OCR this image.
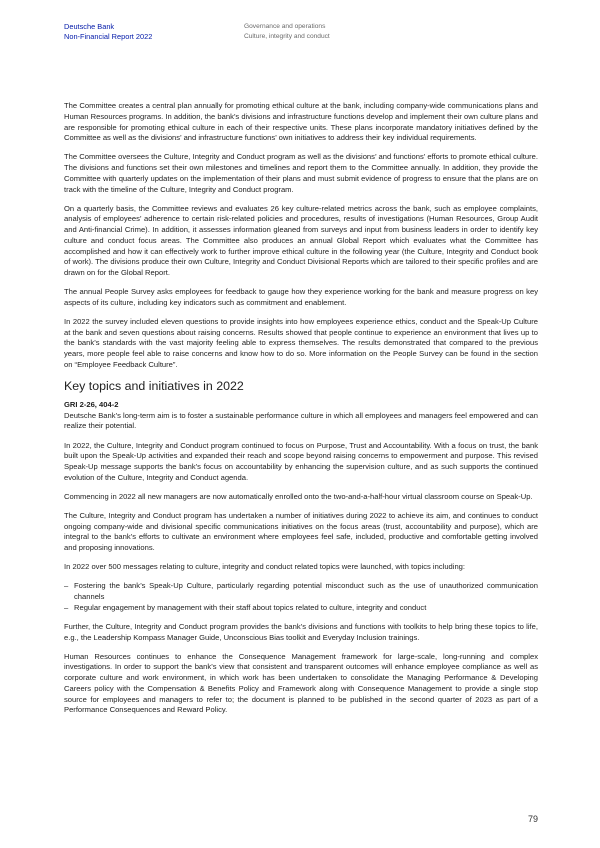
Deutsche Bank
Non-Financial Report 2022
Governance and operations
Culture, integrity and conduct

The Committee creates a central plan annually for promoting ethical culture at the bank, including company-wide communications plans and Human Resources programs. In addition, the bank’s divisions and infrastructure functions develop and implement their own culture plans and are responsible for promoting ethical culture in each of their respective units. These plans incorporate mandatory initiatives defined by the Committee as well as the divisions’ and infrastructure functions’ own initiatives to address their key individual requirements.

The Committee oversees the Culture, Integrity and Conduct program as well as the divisions’ and functions’ efforts to promote ethical culture. The divisions and functions set their own milestones and timelines and report them to the Committee annually. In addition, they provide the Committee with quarterly updates on the implementation of their plans and must submit evidence of progress to ensure that the plans are on track with the timeline of the Culture, Integrity and Conduct program.

On a quarterly basis, the Committee reviews and evaluates 26 key culture-related metrics across the bank, such as employee complaints, analysis of employees’ adherence to certain risk-related policies and procedures, results of investigations (Human Resources, Group Audit and Anti-financial Crime). In addition, it assesses information gleaned from surveys and input from business leaders in order to identify key culture and conduct focus areas. The Committee also produces an annual Global Report which evaluates what the Committee has accomplished and how it can effectively work to further improve ethical culture in the following year (the Culture, Integrity and Conduct book of work). The divisions produce their own Culture, Integrity and Conduct Divisional Reports which are tailored to their specific profiles and are drawn on for the Global Report.

The annual People Survey asks employees for feedback to gauge how they experience working for the bank and measure progress on key aspects of its culture, including key indicators such as commitment and enablement.

In 2022 the survey included eleven questions to provide insights into how employees experience ethics, conduct and the Speak-Up Culture at the bank and seven questions about raising concerns. Results showed that people continue to experience an environment that lives up to the bank’s standards with the vast majority feeling able to express themselves. The results demonstrated that compared to the previous years, more people feel able to raise concerns and know how to do so. More information on the People Survey can be found in the section on “Employee Feedback Culture”.

Key topics and initiatives in 2022
GRI 2-26, 404-2

Deutsche Bank’s long-term aim is to foster a sustainable performance culture in which all employees and managers feel empowered and can realize their potential.

In 2022, the Culture, Integrity and Conduct program continued to focus on Purpose, Trust and Accountability. With a focus on trust, the bank built upon the Speak-Up activities and expanded their reach and scope beyond raising concerns to empowerment and purpose. This revised Speak-Up message supports the bank’s focus on accountability by enhancing the supervision culture, and as such supports the continued evolution of the Culture, Integrity and Conduct agenda.

Commencing in 2022 all new managers are now automatically enrolled onto the two-and-a-half-hour virtual classroom course on Speak-Up.

The Culture, Integrity and Conduct program has undertaken a number of initiatives during 2022 to achieve its aim, and continues to conduct ongoing company-wide and divisional specific communications initiatives on the focus areas (trust, accountability and purpose), which are integral to the bank’s efforts to cultivate an environment where employees feel safe, included, productive and comfortable getting involved and proposing innovations.

In 2022 over 500 messages relating to culture, integrity and conduct related topics were launched, with topics including:

– Fostering the bank’s Speak-Up Culture, particularly regarding potential misconduct such as the use of unauthorized communication channels
– Regular engagement by management with their staff about topics related to culture, integrity and conduct

Further, the Culture, Integrity and Conduct program provides the bank’s divisions and functions with toolkits to help bring these topics to life, e.g., the Leadership Kompass Manager Guide, Unconscious Bias toolkit and Everyday Inclusion trainings.

Human Resources continues to enhance the Consequence Management framework for large-scale, long-running and complex investigations. In order to support the bank’s view that consistent and transparent outcomes will enhance employee compliance as well as corporate culture and work environment, in which work has been undertaken to consolidate the Managing Performance & Developing Careers policy with the Compensation & Benefits Policy and Framework along with Consequence Management to provide a single stop source for employees and managers to refer to; the document is planned to be published in the second quarter of 2023 as part of a Performance Consequences and Reward Policy.

79
